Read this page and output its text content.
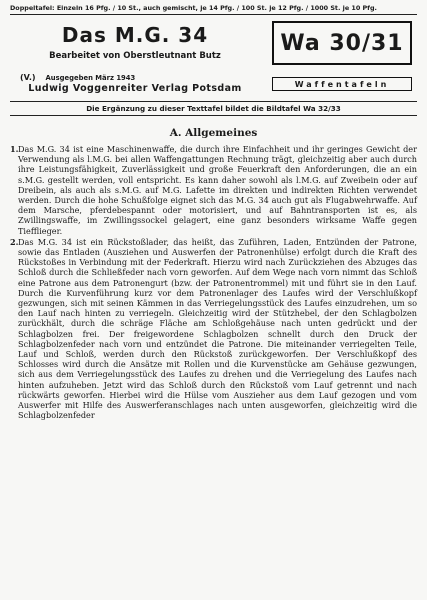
Doppeltafel: Einzeln 16 Pfg. / 10 St., auch gemischt, je 14 Pfg. / 100 St. je 12 Pfg. / 1000 St. je 10 Pfg.
Das M.G. 34
Bearbeitet von Oberstleutnant Butz
(V.) Ausgegeben März 1943
Ludwig Voggenreiter Verlag Potsdam
Wa 30/31
Waffentafeln
Die Ergänzung zu dieser Texttafel bildet die Bildtafel Wa 32/33
A. Allgemeines
1. Das M.G. 34 ist eine Maschinenwaffe, die durch ihre Einfachheit und ihr geringes Gewicht der Verwendung als l.M.G. bei allen Waffengattungen Rechnung trägt, gleichzeitig aber auch durch ihre Leistungsfähigkeit, Zuverlässigkeit und große Feuerkraft den Anforderungen, die an ein s.M.G. gestellt werden, voll entspricht. Es kann daher sowohl als l.M.G. auf Zweibein oder auf Dreibein, als auch als s.M.G. auf M.G. Lafette im direkten und indirekten Richten verwendet werden. Durch die hohe Schußfolge eignet sich das M.G. 34 auch gut als Flugabwehrwaffe. Auf dem Marsche, pferdebespannt oder motorisiert, und auf Bahntransporten ist es, als Zwillingswaffe, im Zwillingssockel gelagert, eine ganz besonders wirksame Waffe gegen Tiefflieger.
2. Das M.G. 34 ist ein Rückstoßlader, das heißt, das Zuführen, Laden, Entzünden der Patrone, sowie das Entladen (Ausziehen und Auswerfen der Patronenhülse) erfolgt durch die Kraft des Rückstoßes in Verbindung mit der Federkraft. Hierzu wird nach Zurückziehen des Abzuges das Schloß durch die Schließfeder nach vorn geworfen. Auf dem Wege nach vorn nimmt das Schloß eine Patrone aus dem Patronengurt (bzw. der Patronentrommel) mit und führt sie in den Lauf. Durch die Kurvenführung kurz vor dem Patronenlager des Laufes wird der Verschlußkopf gezwungen, sich mit seinen Kämmen in das Verriegelungsstück des Laufes einzudrehen, um so den Lauf nach hinten zu verriegeln. Gleichzeitig wird der Stützhebel, der den Schlagbolzen zurückhält, durch die schräge Fläche am Schloßgehäuse nach unten gedrückt und der Schlagbolzen frei. Der freigewordene Schlagbolzen schnellt durch den Druck der Schlagbolzenfeder nach vorn und entzündet die Patrone. Die miteinander verriegelten Teile, Lauf und Schloß, werden durch den Rückstoß zurückgeworfen. Der Verschlußkopf des Schlosses wird durch die Ansätze mit Rollen und die Kurvenstücke am Gehäuse gezwungen, sich aus dem Verriegelungsstück des Laufes zu drehen und die Verriegelung des Laufes nach hinten aufzuheben. Jetzt wird das Schloß durch den Rückstoß vom Lauf getrennt und nach rückwärts geworfen. Hierbei wird die Hülse vom Auszieher aus dem Lauf gezogen und vom Auswerfer mit Hilfe des Auswerferanschlages nach unten ausgeworfen, gleichzeitig wird die Schlagbolzenfeder
